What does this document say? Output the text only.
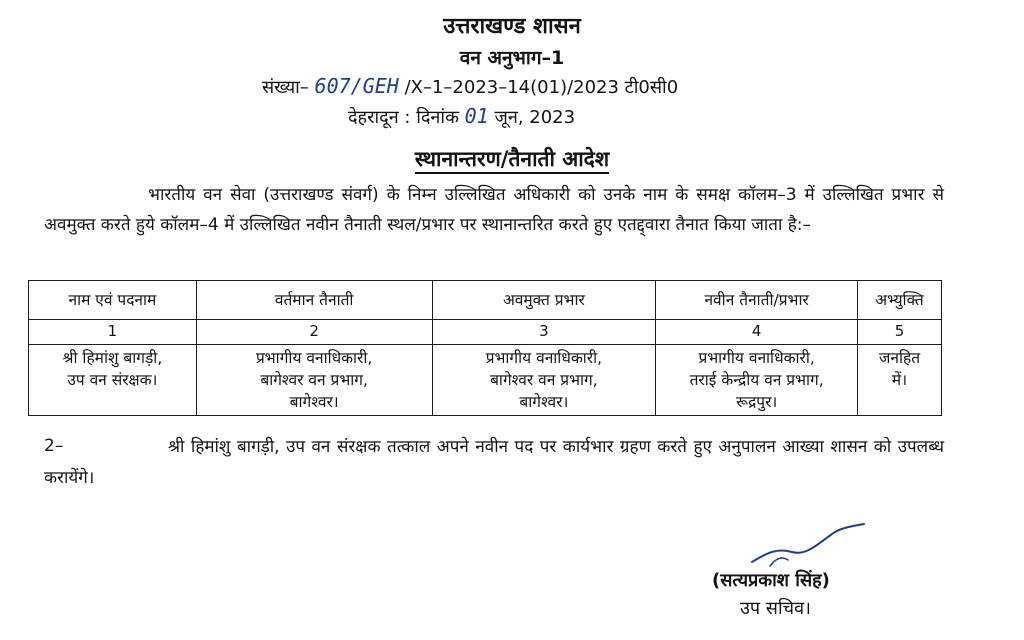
उत्तराखण्ड शासन
वन अनुभाग–1
संख्या– 607/GEH /X–1–2023–14(01)/2023 टी0सी0
देहरादून : दिनांक 01 जून, 2023
स्थानान्तरण/तैनाती आदेश
भारतीय वन सेवा (उत्तराखण्ड संवर्ग) के निम्न उल्लिखित अधिकारी को उनके नाम के समक्ष कॉलम–3 में उल्लिखित प्रभार से अवमुक्त करते हुये कॉलम–4 में उल्लिखित नवीन तैनाती स्थल/प्रभार पर स्थानान्तरित करते हुए एतद्द्वारा तैनात किया जाता है:–
नाम एवं पदनाम	वर्तमान तैनाती	अवमुक्त प्रभार	नवीन तैनाती/प्रभार	अभ्युक्ति
1	2	3	4	5

श्री हिमांशु बागड़ी,
उप वन संरक्षक।	प्रभागीय वनाधिकारी,
बागेश्वर वन प्रभाग,
बागेश्वर।	प्रभागीय वनाधिकारी,
बागेश्वर वन प्रभाग,
बागेश्वर।	प्रभागीय वनाधिकारी,
तराई केन्द्रीय वन प्रभाग,
रूद्रपुर।	जनहित
में।
2–	श्री हिमांशु बागड़ी, उप वन संरक्षक तत्काल अपने नवीन पद पर कार्यभार ग्रहण करते हुए अनुपालन आख्या शासन को उपलब्ध करायेंगे।
(सत्यप्रकाश सिंह)
उप सचिव।
